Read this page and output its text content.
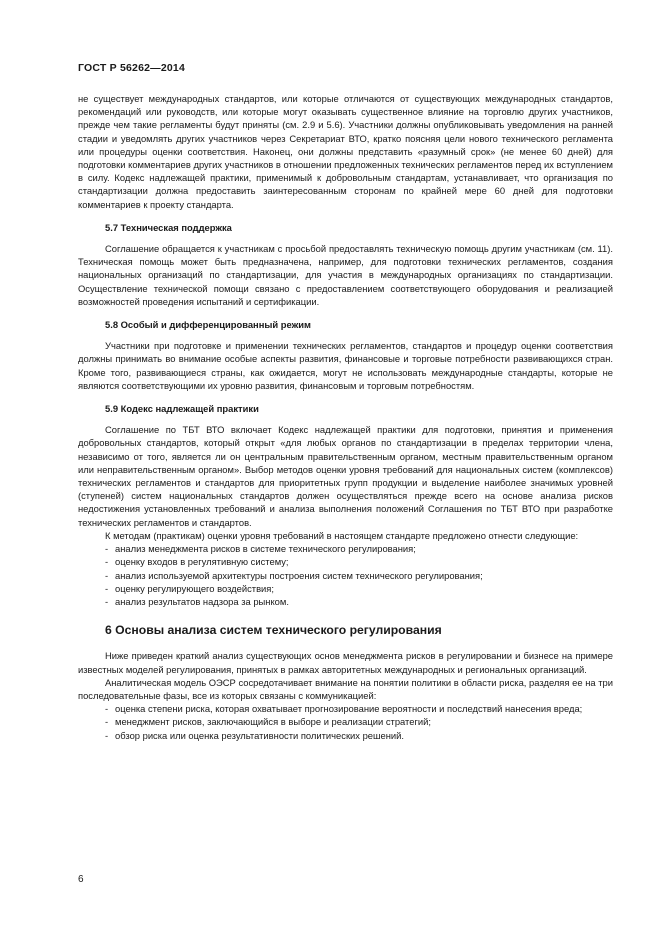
ГОСТ Р 56262—2014

не существует международных стандартов, или которые отличаются от существующих международных стандартов, рекомендаций или руководств, или которые могут оказывать существенное влияние на торговлю других участников, прежде чем такие регламенты будут приняты (см. 2.9 и 5.6). Участники должны опубликовывать уведомления на ранней стадии и уведомлять других участников через Секретариат ВТО, кратко поясняя цели нового технического регламента или процедуры оценки соответствия. Наконец, они должны представить «разумный срок» (не менее 60 дней) для подготовки комментариев других участников в отношении предложенных технических регламентов перед их вступлением в силу. Кодекс надлежащей практики, применимый к добровольным стандартам, устанавливает, что организация по стандартизации должна предоставить заинтересованным сторонам по крайней мере 60 дней для подготовки комментариев к проекту стандарта.

5.7 Техническая поддержка

Соглашение обращается к участникам с просьбой предоставлять техническую помощь другим участникам (см. 11). Техническая помощь может быть предназначена, например, для подготовки технических регламентов, создания национальных организаций по стандартизации, для участия в международных организациях по стандартизации. Осуществление технической помощи связано с предоставлением соответствующего оборудования и реализацией возможностей проведения испытаний и сертификации.

5.8 Особый и дифференцированный режим

Участники при подготовке и применении технических регламентов, стандартов и процедур оценки соответствия должны принимать во внимание особые аспекты развития, финансовые и торговые потребности развивающихся стран. Кроме того, развивающиеся страны, как ожидается, могут не использовать международные стандарты, которые не являются соответствующими их уровню развития, финансовым и торговым потребностям.

5.9 Кодекс надлежащей практики

Соглашение по ТБТ ВТО включает Кодекс надлежащей практики для подготовки, принятия и применения добровольных стандартов, который открыт «для любых органов по стандартизации в пределах территории члена, независимо от того, является ли он центральным правительственным органом, местным правительственным органом или неправительственным органом». Выбор методов оценки уровня требований для национальных систем (комплексов) технических регламентов и стандартов для приоритетных групп продукции и выделение наиболее значимых уровней (ступеней) систем национальных стандартов должен осуществляться прежде всего на основе анализа рисков недостижения установленных требований и анализа выполнения положений Соглашения по ТБТ ВТО при разработке технических регламентов и стандартов.

К методам (практикам) оценки уровня требований в настоящем стандарте предложено отнести следующие:

- анализ менеджмента рисков в системе технического регулирования;
- оценку входов в регулятивную систему;
- анализ используемой архитектуры построения систем технического регулирования;
- оценку регулирующего воздействия;
- анализ результатов надзора за рынком.
6 Основы анализа систем технического регулирования

Ниже приведен краткий анализ существующих основ менеджмента рисков в регулировании и бизнесе на примере известных моделей регулирования, принятых в рамках авторитетных международных и региональных организаций.

Аналитическая модель ОЭСР сосредотачивает внимание на понятии политики в области риска, разделяя ее на три последовательные фазы, все из которых связаны с коммуникацией:

- оценка степени риска, которая охватывает прогнозирование вероятности и последствий нанесения вреда;
- менеджмент рисков, заключающийся в выборе и реализации стратегий;
- обзор риска или оценка результативности политических решений.
6
